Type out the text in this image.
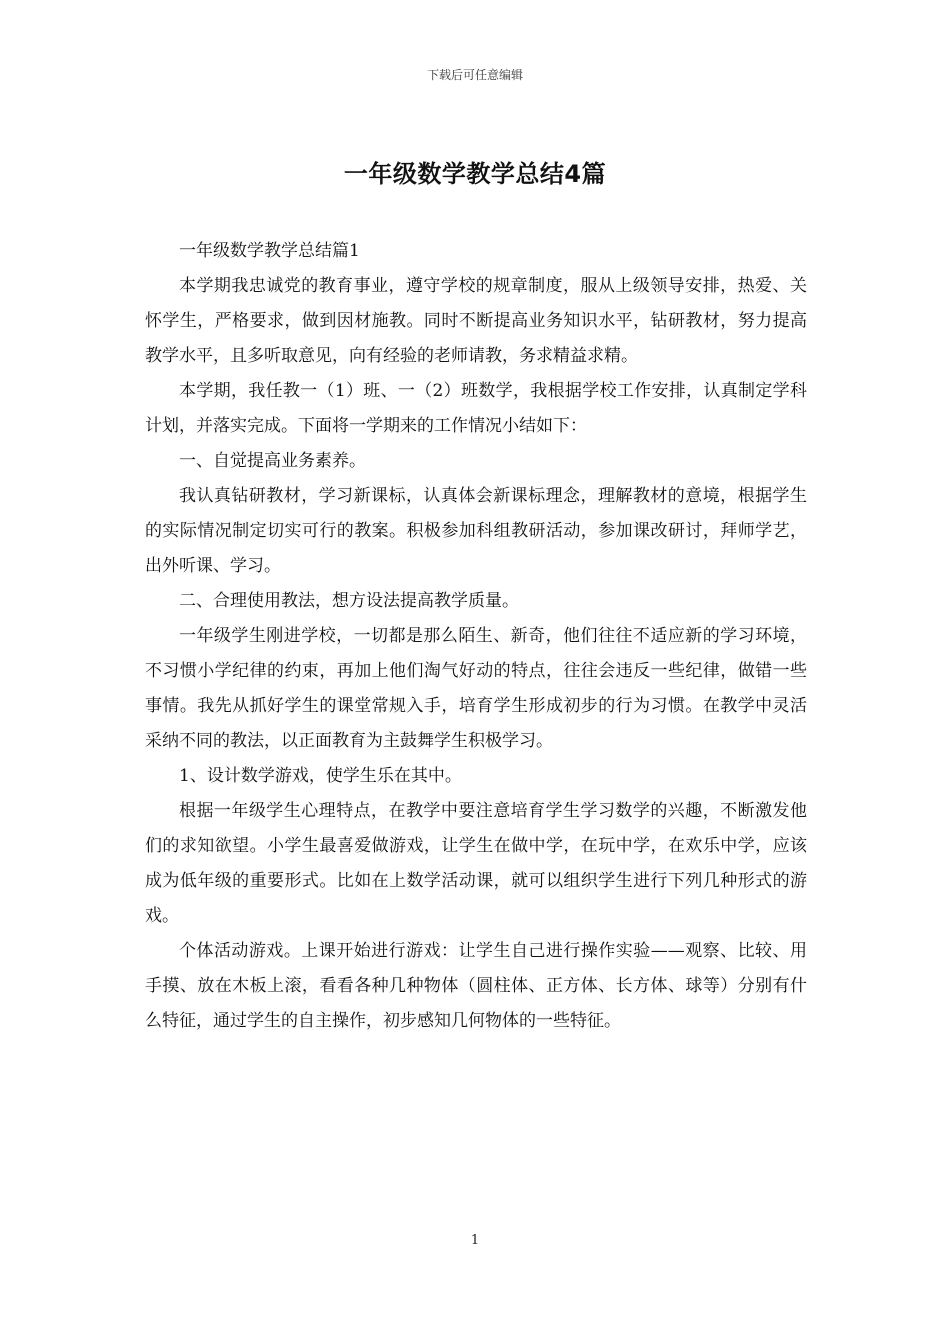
下载后可任意编辑
一年级数学教学总结4篇

一年级数学教学总结篇1

本学期我忠诚党的教育事业，遵守学校的规章制度，服从上级领导安排，热爱、关怀学生，严格要求，做到因材施教。同时不断提高业务知识水平，钻研教材，努力提高教学水平，且多听取意见，向有经验的老师请教，务求精益求精。

本学期，我任教一（1）班、一（2）班数学，我根据学校工作安排，认真制定学科计划，并落实完成。下面将一学期来的工作情况小结如下：

一、自觉提高业务素养。

我认真钻研教材，学习新课标，认真体会新课标理念，理解教材的意境，根据学生的实际情况制定切实可行的教案。积极参加科组教研活动，参加课改研讨，拜师学艺，出外听课、学习。

二、合理使用教法，想方设法提高教学质量。

一年级学生刚进学校，一切都是那么陌生、新奇，他们往往不适应新的学习环境，不习惯小学纪律的约束，再加上他们淘气好动的特点，往往会违反一些纪律，做错一些事情。我先从抓好学生的课堂常规入手，培育学生形成初步的行为习惯。在教学中灵活采纳不同的教法，以正面教育为主鼓舞学生积极学习。

1、设计数学游戏，使学生乐在其中。

根据一年级学生心理特点，在教学中要注意培育学生学习数学的兴趣，不断激发他们的求知欲望。小学生最喜爱做游戏，让学生在做中学，在玩中学，在欢乐中学，应该成为低年级的重要形式。比如在上数学活动课，就可以组织学生进行下列几种形式的游戏。

个体活动游戏。上课开始进行游戏：让学生自己进行操作实验——观察、比较、用手摸、放在木板上滚，看看各种几种物体（圆柱体、正方体、长方体、球等）分别有什么特征，通过学生的自主操作，初步感知几何物体的一些特征。

1
